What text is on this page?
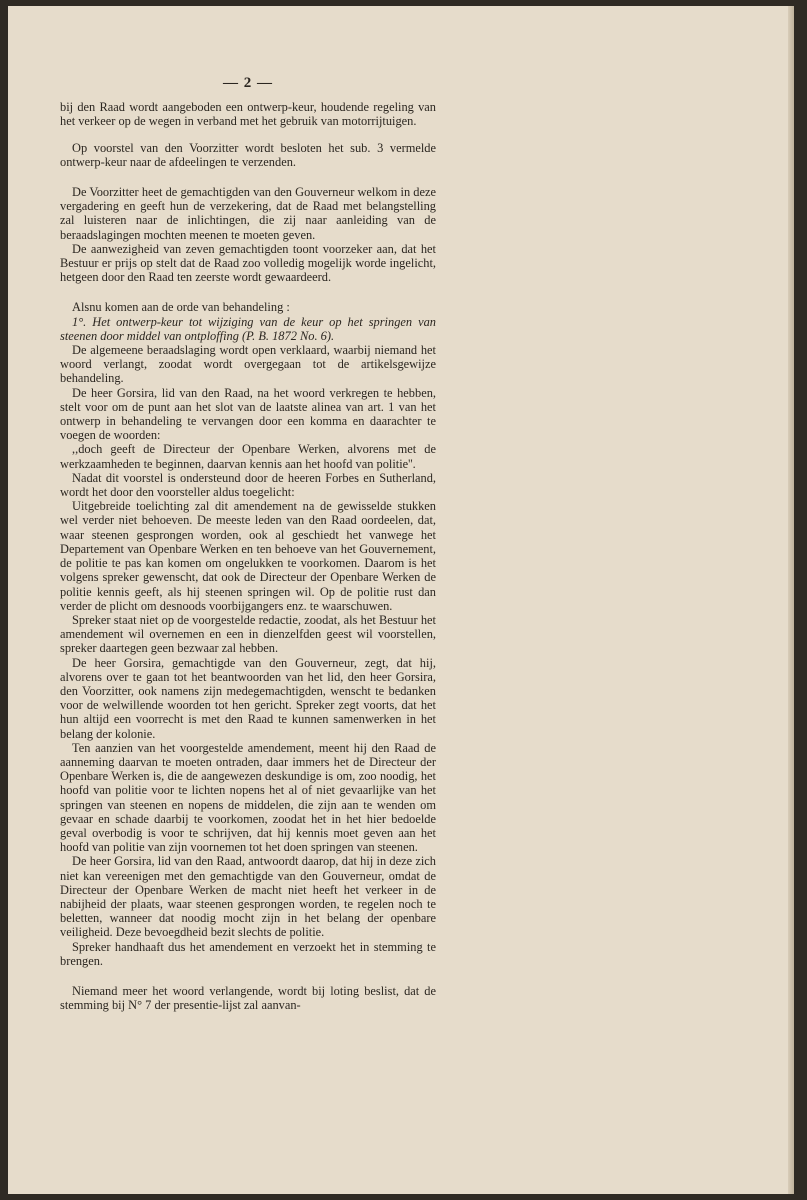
— 2 —

bij den Raad wordt aangeboden een ontwerp-keur, houdende regeling van het verkeer op de wegen in verband met het gebruik van motorrijtuigen.

Op voorstel van den Voorzitter wordt besloten het sub. 3 vermelde ontwerp-keur naar de afdeelingen te verzenden.

De Voorzitter heet de gemachtigden van den Gouverneur welkom in deze vergadering en geeft hun de verzekering, dat de Raad met belangstelling zal luisteren naar de inlichtingen, die zij naar aanleiding van de beraadslagingen mochten meenen te moeten geven.

De aanwezigheid van zeven gemachtigden toont voorzeker aan, dat het Bestuur er prijs op stelt dat de Raad zoo volledig mogelijk worde ingelicht, hetgeen door den Raad ten zeerste wordt gewaardeerd.

Alsnu komen aan de orde van behandeling :

1°. Het ontwerp-keur tot wijziging van de keur op het springen van steenen door middel van ontploffing (P. B. 1872 No. 6).

De algemeene beraadslaging wordt open verklaard, waarbij niemand het woord verlangt, zoodat wordt overgegaan tot de artikelsgewijze behandeling.

De heer Gorsira, lid van den Raad, na het woord verkregen te hebben, stelt voor om de punt aan het slot van de laatste alinea van art. 1 van het ontwerp in behandeling te vervangen door een komma en daarachter te voegen de woorden:

,,doch geeft de Directeur der Openbare Werken, alvorens met de werkzaamheden te beginnen, daarvan kennis aan het hoofd van politie''.

Nadat dit voorstel is ondersteund door de heeren Forbes en Sutherland, wordt het door den voorsteller aldus toegelicht:

Uitgebreide toelichting zal dit amendement na de gewisselde stukken wel verder niet behoeven. De meeste leden van den Raad oordeelen, dat, waar steenen gesprongen worden, ook al geschiedt het vanwege het Departement van Openbare Werken en ten behoeve van het Gouvernement, de politie te pas kan komen om ongelukken te voorkomen. Daarom is het volgens spreker gewenscht, dat ook de Directeur der Openbare Werken de politie kennis geeft, als hij steenen springen wil. Op de politie rust dan verder de plicht om desnoods voorbijgangers enz. te waarschuwen.

Spreker staat niet op de voorgestelde redactie, zoodat, als het Bestuur het amendement wil overnemen en een in dienzelfden geest wil voorstellen, spreker daartegen geen bezwaar zal hebben.

De heer Gorsira, gemachtigde van den Gouverneur, zegt, dat hij, alvorens over te gaan tot het beantwoorden van het lid, den heer Gorsira, den Voorzitter, ook namens zijn medegemachtigden, wenscht te bedanken voor de welwillende woorden tot hen gericht. Spreker zegt voorts, dat het hun altijd een voorrecht is met den Raad te kunnen samenwerken in het belang der kolonie.

Ten aanzien van het voorgestelde amendement, meent hij den Raad de aanneming daarvan te moeten ontraden, daar immers het de Directeur der Openbare Werken is, die de aangewezen deskundige is om, zoo noodig, het hoofd van politie voor te lichten nopens het al of niet gevaarlijke van het springen van steenen en nopens de middelen, die zijn aan te wenden om gevaar en schade daarbij te voorkomen, zoodat het in het hier bedoelde geval overbodig is voor te schrijven, dat hij kennis moet geven aan het hoofd van politie van zijn voornemen tot het doen springen van steenen.

De heer Gorsira, lid van den Raad, antwoordt daarop, dat hij in deze zich niet kan vereenigen met den gemachtigde van den Gouverneur, omdat de Directeur der Openbare Werken de macht niet heeft het verkeer in de nabijheid der plaats, waar steenen gesprongen worden, te regelen noch te beletten, wanneer dat noodig mocht zijn in het belang der openbare veiligheid. Deze bevoegdheid bezit slechts de politie.

Spreker handhaaft dus het amendement en verzoekt het in stemming te brengen.

Niemand meer het woord verlangende, wordt bij loting beslist, dat de stemming bij N° 7 der presentie-lijst zal aanvan-
